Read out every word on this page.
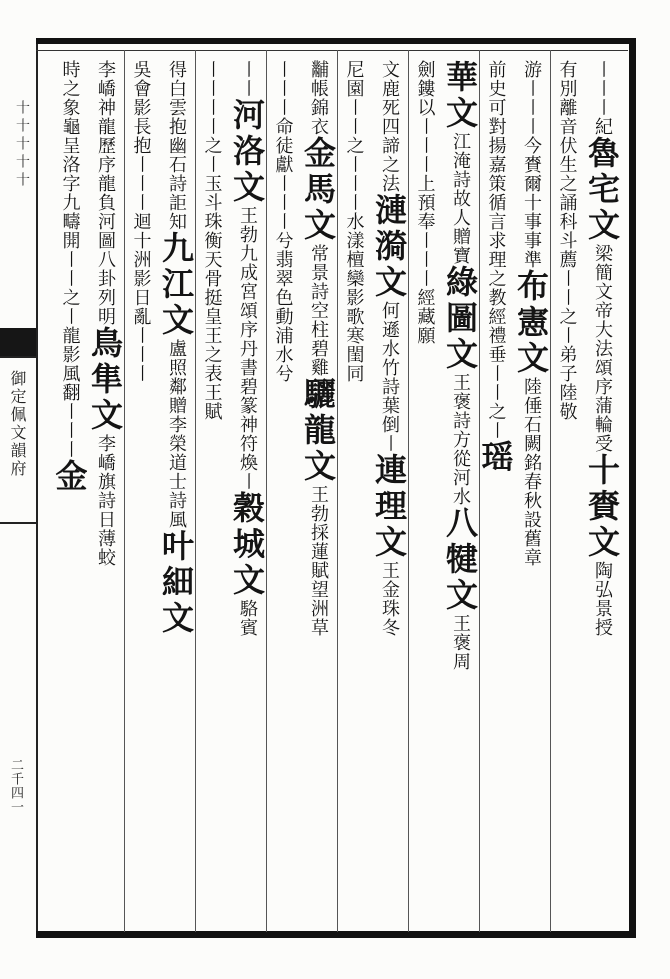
十十十十十
御定佩文韻府
二千四一
〡〡〡紀魯宅文梁簡文帝大法頌序蒲輪受十賚文陶弘景授
有別離音伏生之誦科斗薦〡〡之〡弟子陸敬
游〡〡〡今賚爾十事事準布憲文陸倕石闕銘春秋設舊章
前史可對揚嘉策循言求理之教經禮垂〡〡之〡瑶
華文江淹詩故人贈寶綠圖文王褒詩方從河水八犍文王褒周
劍鏤以〡〡〡上預奉〡〡〡經藏願
文鹿死四諦之法漣漪文何遜水竹詩葉倒〡連理文王金珠冬
尼園〡〡之〡〡〡水漾檀欒影歌寒閨同
黼帳錦衣金馬文常景詩空柱碧雞驪龍文王勃採蓮賦望洲草
〡〡〡命徒獻〡〡〡兮翡翠色動浦水兮
〡〡河洛文王勃九成宮頌序丹書碧篆神符煥〡穀城文駱賓
〡〡〡〡之〡玉斗珠衡天骨挺皇王之表王賦
得白雲抱幽石詩詎知九江文盧照鄰贈李榮道士詩風叶細文
吳會影長抱〡〡〡迴十洲影日亂〡〡〡
李嶠神龍歷序龍負河圖八卦列明鳥隼文李嶠旗詩日薄蛟
時之象龜呈洛字九疇開〡〡之〡龍影風翻〡〡〡金
